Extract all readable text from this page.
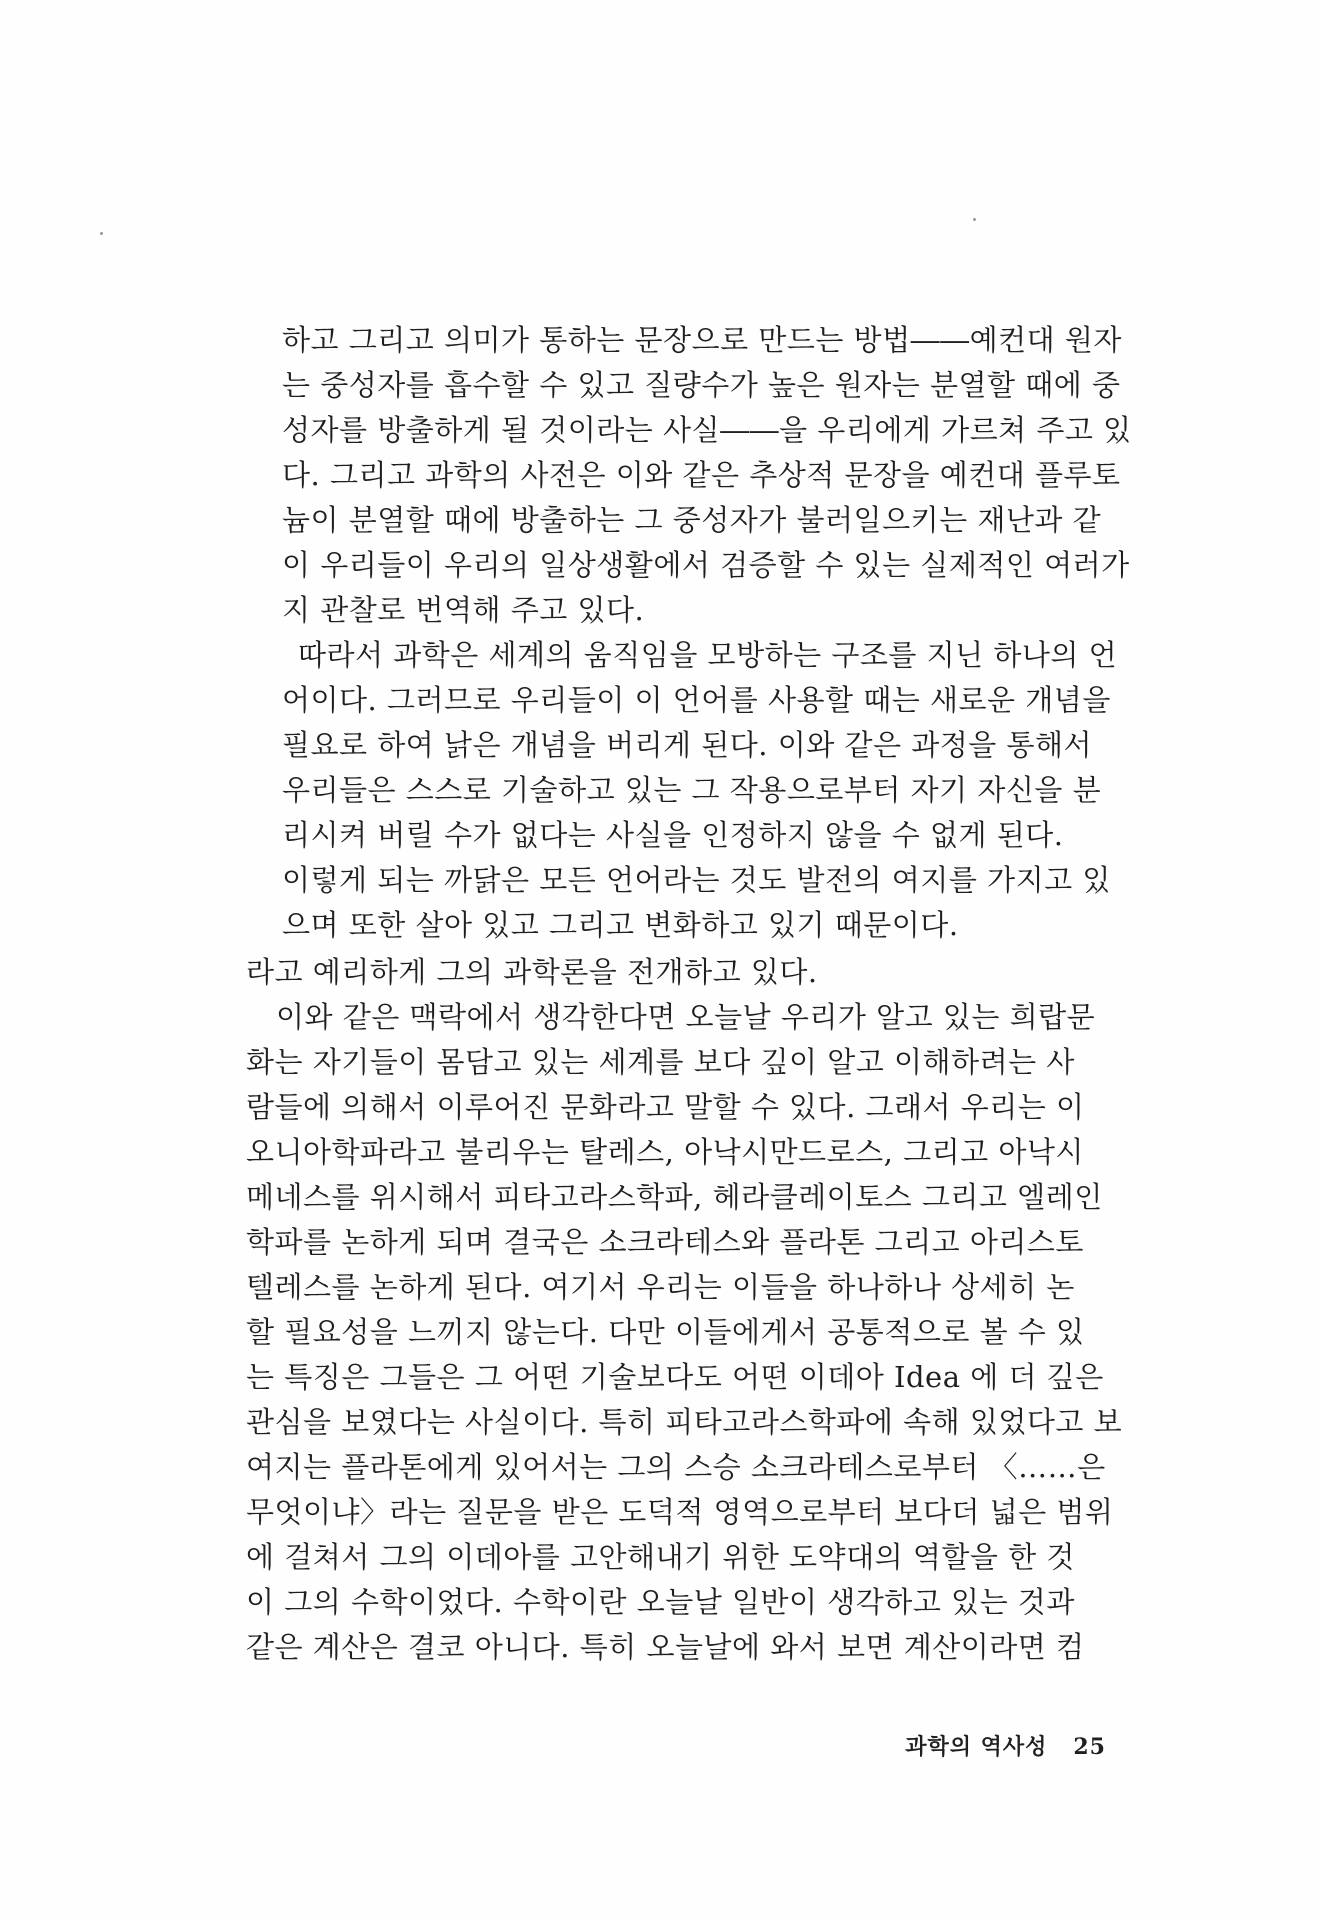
하고 그리고 의미가 통하는 문장으로 만드는 방법――예컨대 원자
는 중성자를 흡수할 수 있고 질량수가 높은 원자는 분열할 때에 중
성자를 방출하게 될 것이라는 사실――을 우리에게 가르쳐 주고 있
다. 그리고 과학의 사전은 이와 같은 추상적 문장을 예컨대 플루토
늄이 분열할 때에 방출하는 그 중성자가 불러일으키는 재난과 같
이 우리들이 우리의 일상생활에서 검증할 수 있는 실제적인 여러가
지 관찰로 번역해 주고 있다.
따라서 과학은 세계의 움직임을 모방하는 구조를 지닌 하나의 언
어이다. 그러므로 우리들이 이 언어를 사용할 때는 새로운 개념을
필요로 하여 낡은 개념을 버리게 된다. 이와 같은 과정을 통해서
우리들은 스스로 기술하고 있는 그 작용으로부터 자기 자신을 분
리시켜 버릴 수가 없다는 사실을 인정하지 않을 수 없게 된다.
이렇게 되는 까닭은 모든 언어라는 것도 발전의 여지를 가지고 있
으며 또한 살아 있고 그리고 변화하고 있기 때문이다.
라고 예리하게 그의 과학론을 전개하고 있다.
이와 같은 맥락에서 생각한다면 오늘날 우리가 알고 있는 희랍문
화는 자기들이 몸담고 있는 세계를 보다 깊이 알고 이해하려는 사
람들에 의해서 이루어진 문화라고 말할 수 있다. 그래서 우리는 이
오니아학파라고 불리우는 탈레스, 아낙시만드로스, 그리고 아낙시
메네스를 위시해서 피타고라스학파, 헤라클레이토스 그리고 엘레인
학파를 논하게 되며 결국은 소크라테스와 플라톤 그리고 아리스토
텔레스를 논하게 된다. 여기서 우리는 이들을 하나하나 상세히 논
할 필요성을 느끼지 않는다. 다만 이들에게서 공통적으로 볼 수 있
는 특징은 그들은 그 어떤 기술보다도 어떤 이데아 Idea 에 더 깊은
관심을 보였다는 사실이다. 특히 피타고라스학파에 속해 있었다고 보
여지는 플라톤에게 있어서는 그의 스승 소크라테스로부터 〈……은
무엇이냐〉라는 질문을 받은 도덕적 영역으로부터 보다더 넓은 범위
에 걸쳐서 그의 이데아를 고안해내기 위한 도약대의 역할을 한 것
이 그의 수학이었다. 수학이란 오늘날 일반이 생각하고 있는 것과
같은 계산은 결코 아니다. 특히 오늘날에 와서 보면 계산이라면 컴
과학의 역사성 25
